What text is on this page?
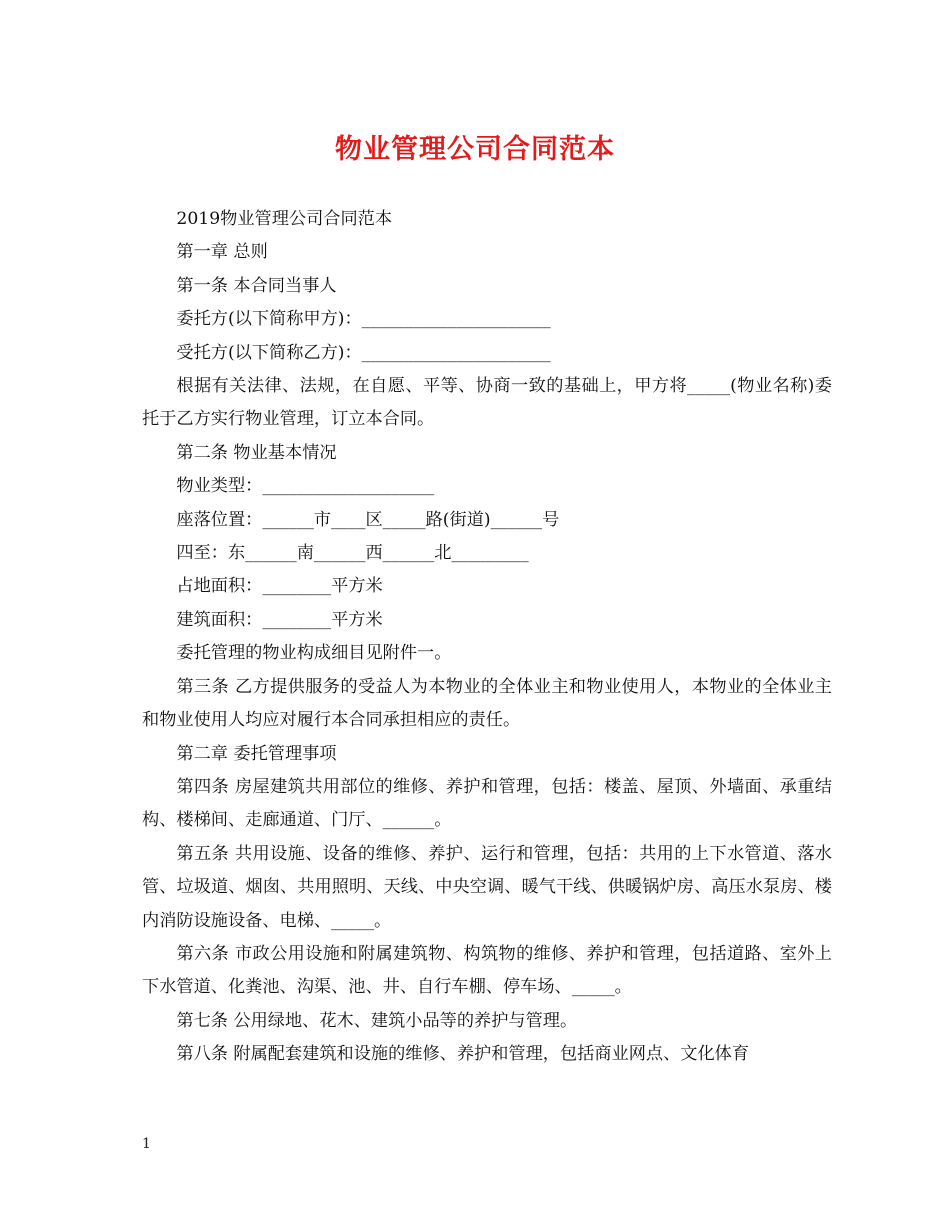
物业管理公司合同范本

2019物业管理公司合同范本

第一章 总则

第一条 本合同当事人

委托方(以下简称甲方)：______________________

受托方(以下简称乙方)：______________________

根据有关法律、法规，在自愿、平等、协商一致的基础上，甲方将_____(物业名称)委托于乙方实行物业管理，订立本合同。

第二条 物业基本情况

物业类型：____________________

座落位置：______市____区_____路(街道)______号

四至：东______南______西______北_________

占地面积：________平方米

建筑面积：________平方米

委托管理的物业构成细目见附件一。

第三条 乙方提供服务的受益人为本物业的全体业主和物业使用人，本物业的全体业主和物业使用人均应对履行本合同承担相应的责任。

第二章 委托管理事项

第四条 房屋建筑共用部位的维修、养护和管理，包括：楼盖、屋顶、外墙面、承重结构、楼梯间、走廊通道、门厅、______。

第五条 共用设施、设备的维修、养护、运行和管理，包括：共用的上下水管道、落水管、垃圾道、烟囱、共用照明、天线、中央空调、暖气干线、供暖锅炉房、高压水泵房、楼内消防设施设备、电梯、_____。

第六条 市政公用设施和附属建筑物、构筑物的维修、养护和管理，包括道路、室外上下水管道、化粪池、沟渠、池、井、自行车棚、停车场、_____。

第七条 公用绿地、花木、建筑小品等的养护与管理。

第八条 附属配套建筑和设施的维修、养护和管理，包括商业网点、文化体育

1
